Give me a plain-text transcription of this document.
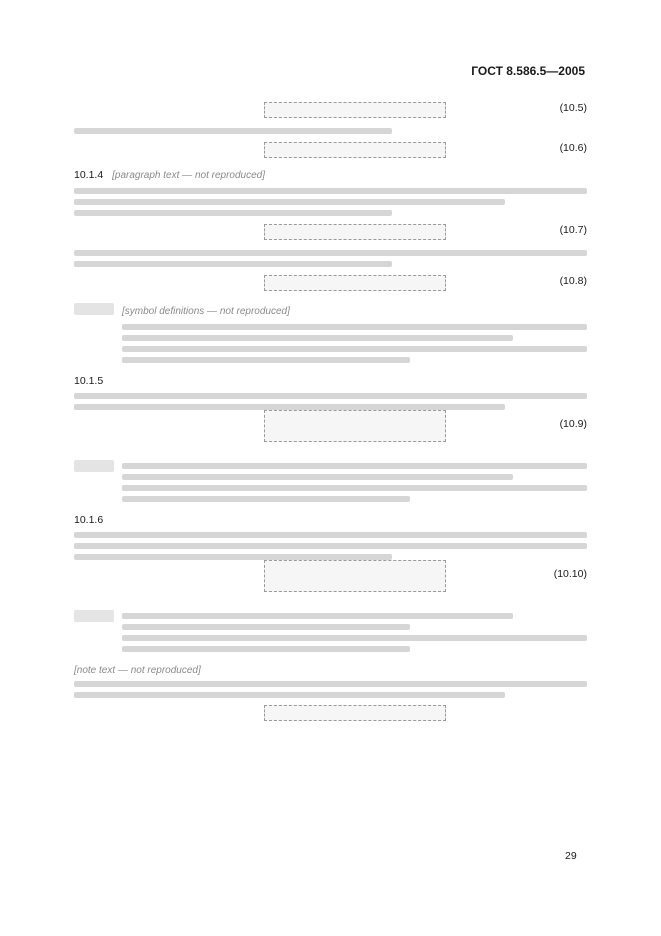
ГОСТ 8.586.5—2005
(10.5)
(10.6)
10.1.4 [paragraph text — not reproduced]
(10.7)
(10.8)
[symbol definitions — not reproduced]
10.1.5
(10.9)
10.1.6
(10.10)
[note text — not reproduced]
29
